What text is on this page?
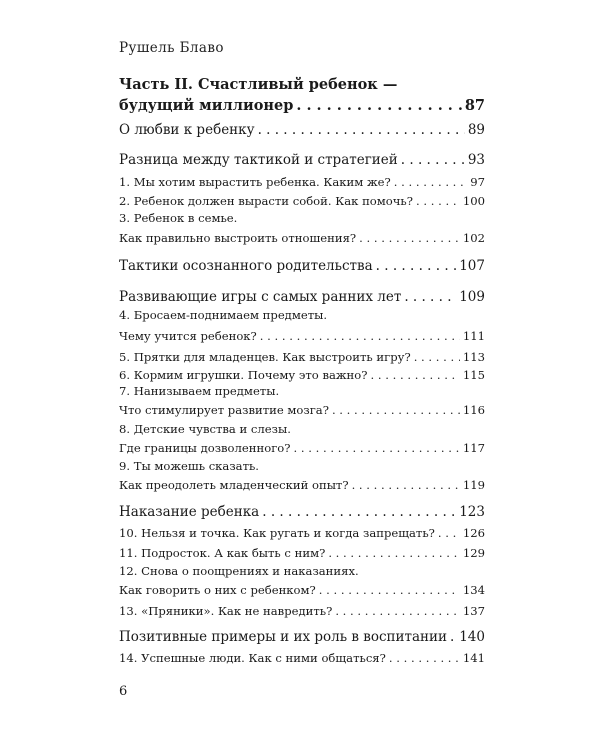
Рушель Блаво
Часть II. Счастливый ребенок —
будущий миллионер . . .	87
О любви к ребенку . . .	89
Разница между тактикой и стратегией . . .	93
1. Мы хотим вырастить ребенка. Каким же? . . .	97
2. Ребенок должен вырасти собой. Как помочь? . . .	100
3. Ребенок в семье.
Как правильно выстроить отношения? . . .	102
Тактики осознанного родительства . . .	107
Развивающие игры с самых ранних лет . . .	109
4. Бросаем-поднимаем предметы.
Чему учится ребенок? . . .	111
5. Прятки для младенцев. Как выстроить игру? . . .	113
6. Кормим игрушки. Почему это важно? . . .	115
7. Нанизываем предметы.
Что стимулирует развитие мозга? . . .	116
8. Детские чувства и слезы.
Где границы дозволенного? . . .	117
9. Ты можешь сказать.
Как преодолеть младенческий опыт? . . .	119
Наказание ребенка . . .	123
10. Нельзя и точка. Как ругать и когда запрещать? . . . 126
11. Подросток. А как быть с ним? . . .	129
12. Снова о поощрениях и наказаниях.
Как говорить о них с ребенком? . . .	134
13. «Пряники». Как не навредить? . . .	137
Позитивные примеры и их роль в воспитании . . . 140
14. Успешные люди. Как с ними общаться? . . .	141
6
